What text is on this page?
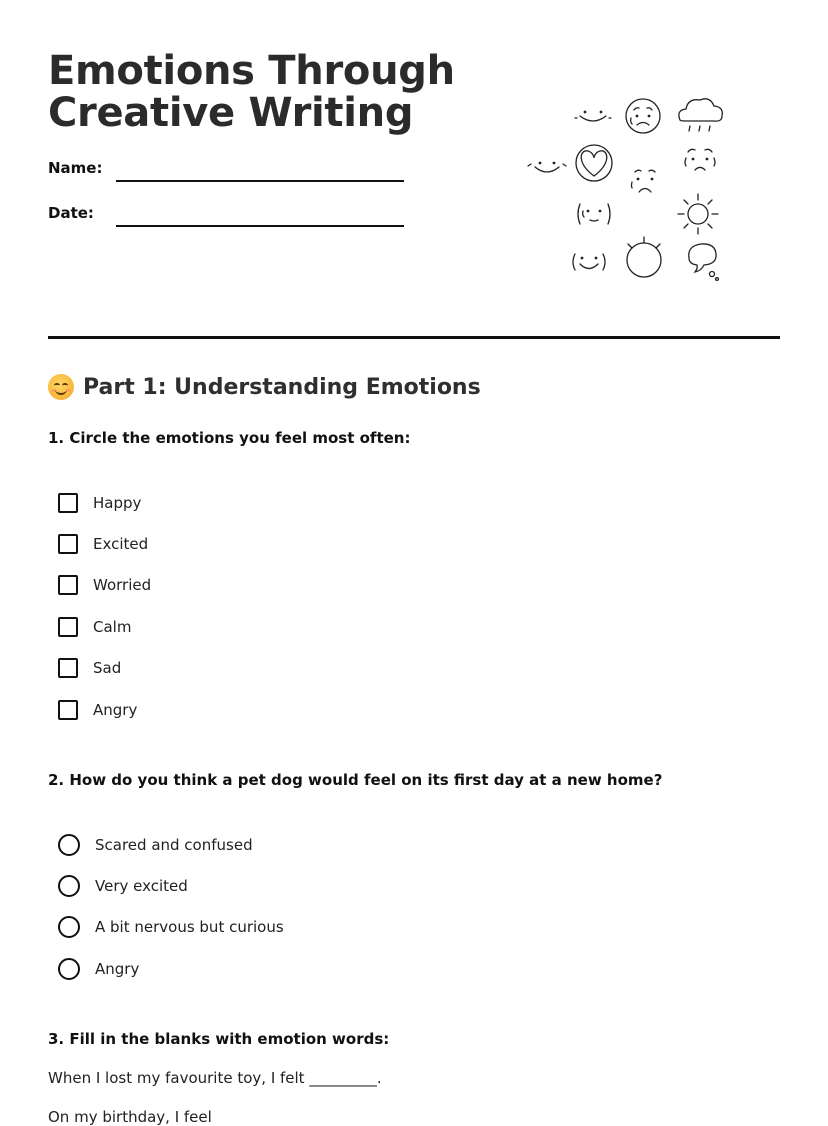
Emotions Through
Creative Writing
Name:
Date:
Part 1: Understanding Emotions

1. Circle the emotions you feel most often:

Happy
Excited
Worried
Calm
Sad
Angry

2. How do you think a pet dog would feel on its first day at a new home?

Scared and confused
Very excited
A bit nervous but curious
Angry

3. Fill in the blanks with emotion words:

When I lost my favourite toy, I felt _________.

On my birthday, I feel
